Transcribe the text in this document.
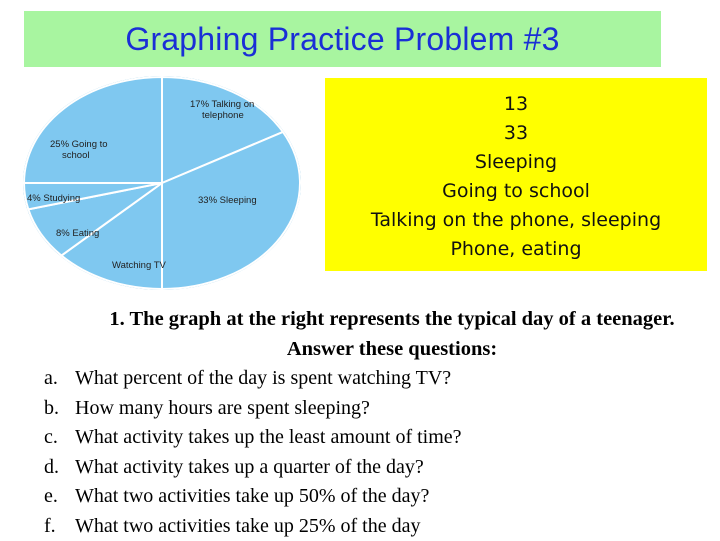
Graphing Practice Problem #3
17% Talking on telephone
33% Sleeping
Watching TV
8% Eating
4% Studying
25% Going to school
13
33
Sleeping
Going to school
Talking on the phone, sleeping
Phone, eating

1. The graph at the right represents the typical day of a teenager. Answer these questions:

a. What percent of the day is spent watching TV?
b. How many hours are spent sleeping?
c. What activity takes up the least amount of time?
d. What activity takes up a quarter of the day?
e. What two activities take up 50% of the day?
f. What two activities take up 25% of the day
